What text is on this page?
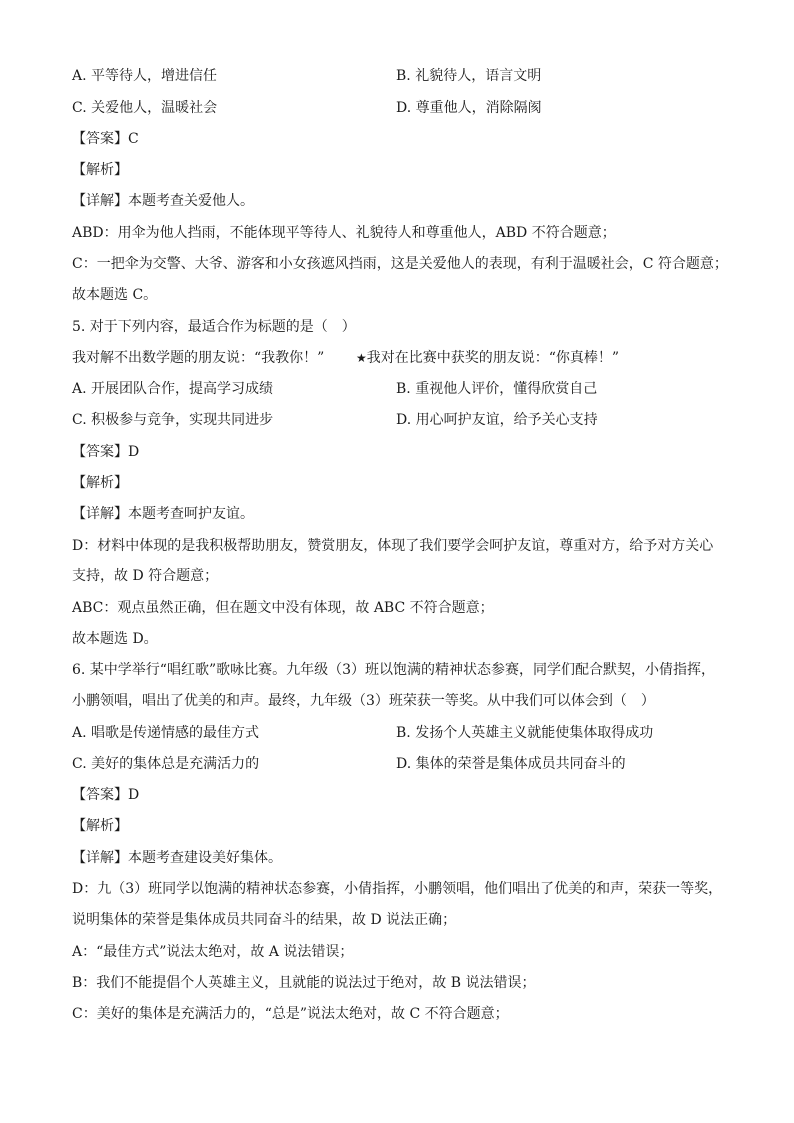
A. 平等待人，增进信任	B. 礼貌待人，语言文明
C. 关爱他人，温暖社会	D. 尊重他人，消除隔阂
【答案】C
【解析】
【详解】本题考查关爱他人。
ABD：用伞为他人挡雨，不能体现平等待人、礼貌待人和尊重他人，ABD 不符合题意；
C：一把伞为交警、大爷、游客和小女孩遮风挡雨，这是关爱他人的表现，有利于温暖社会，C 符合题意；
故本题选 C。
5. 对于下列内容，最适合作为标题的是（　）
我对解不出数学题的朋友说：“我教你！”	★我对在比赛中获奖的朋友说：“你真棒！”
A. 开展团队合作，提高学习成绩	B. 重视他人评价，懂得欣赏自己
C. 积极参与竞争，实现共同进步	D. 用心呵护友谊，给予关心支持
【答案】D
【解析】
【详解】本题考查呵护友谊。
D：材料中体现的是我积极帮助朋友，赞赏朋友，体现了我们要学会呵护友谊，尊重对方，给予对方关心
支持，故 D 符合题意；
ABC：观点虽然正确，但在题文中没有体现，故 ABC 不符合题意；
故本题选 D。
6. 某中学举行“唱红歌”歌咏比赛。九年级（3）班以饱满的精神状态参赛，同学们配合默契，小倩指挥，
小鹏领唱，唱出了优美的和声。最终，九年级（3）班荣获一等奖。从中我们可以体会到（　）
A. 唱歌是传递情感的最佳方式	B. 发扬个人英雄主义就能使集体取得成功
C. 美好的集体总是充满活力的	D. 集体的荣誉是集体成员共同奋斗的
【答案】D
【解析】
【详解】本题考查建设美好集体。
D：九（3）班同学以饱满的精神状态参赛，小倩指挥，小鹏领唱，他们唱出了优美的和声，荣获一等奖，
说明集体的荣誉是集体成员共同奋斗的结果，故 D 说法正确；
A：“最佳方式”说法太绝对，故 A 说法错误；
B：我们不能提倡个人英雄主义，且就能的说法过于绝对，故 B 说法错误；
C：美好的集体是充满活力的，“总是”说法太绝对，故 C 不符合题意；
